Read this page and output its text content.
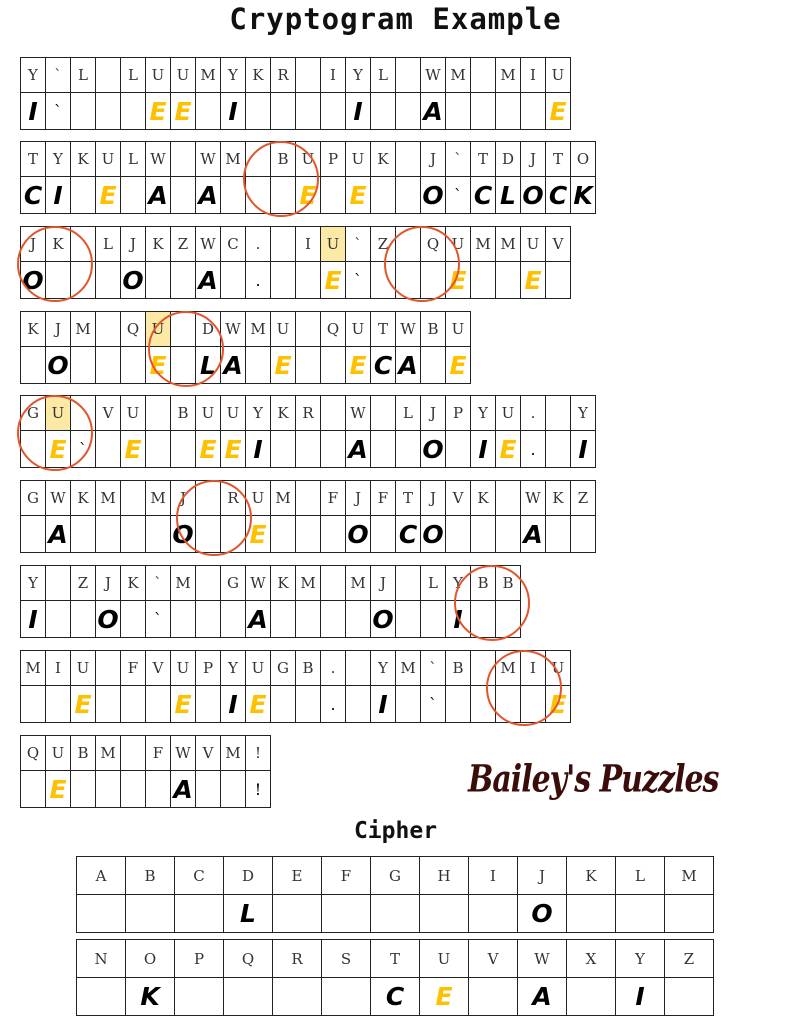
Cryptogram Example
Y	`	L		L	U	U	M	Y	K	R		I	Y	L		W	M		M	I	U
I	`				E	E		I					I			A					E
T	Y	K	U	L	W		W	M		B	U	P	U	K		J	`	T	D	J	T	O
C	I		E		A		A				E		E			O	`	C	L	O	C	K
J	K		L	J	K	Z	W	C	.		I	U	`	Z		Q	U	M	M	U	V
O				O			A		.			E	`				E			E	
K	J	M		Q	U		D	W	M	U		Q	U	T	W	B	U
	O				E		L	A		E			E	C	A		E
G	U	`	V	U		B	U	U	Y	K	R		W		L	J	P	Y	U	.		Y
	E	`		E			E	E	I				A			O		I	E	.		I
G	W	K	M		M	J		R	U	M		F	J	F	T	J	V	K		W	K	Z
	A					O			E				O		C	O				A		
Y		Z	J	K	`	M		G	W	K	M		M	J		L	Y	B	B
I			O		`				A					O			I		
M	I	U		F	V	U	P	Y	U	G	B	.		Y	M	`	B		M	I	U
		E				E		I	E			.		I		`					E
Q	U	B	M		F	W	V	M	!
	E					A			!	Bailey's Puzzles
Cipher
A	B	C	D	E	F	G	H	I	J	K	L	M
			L						O			
N	O	P	Q	R	S	T	U	V	W	X	Y	Z
	K					C	E		A		I	
